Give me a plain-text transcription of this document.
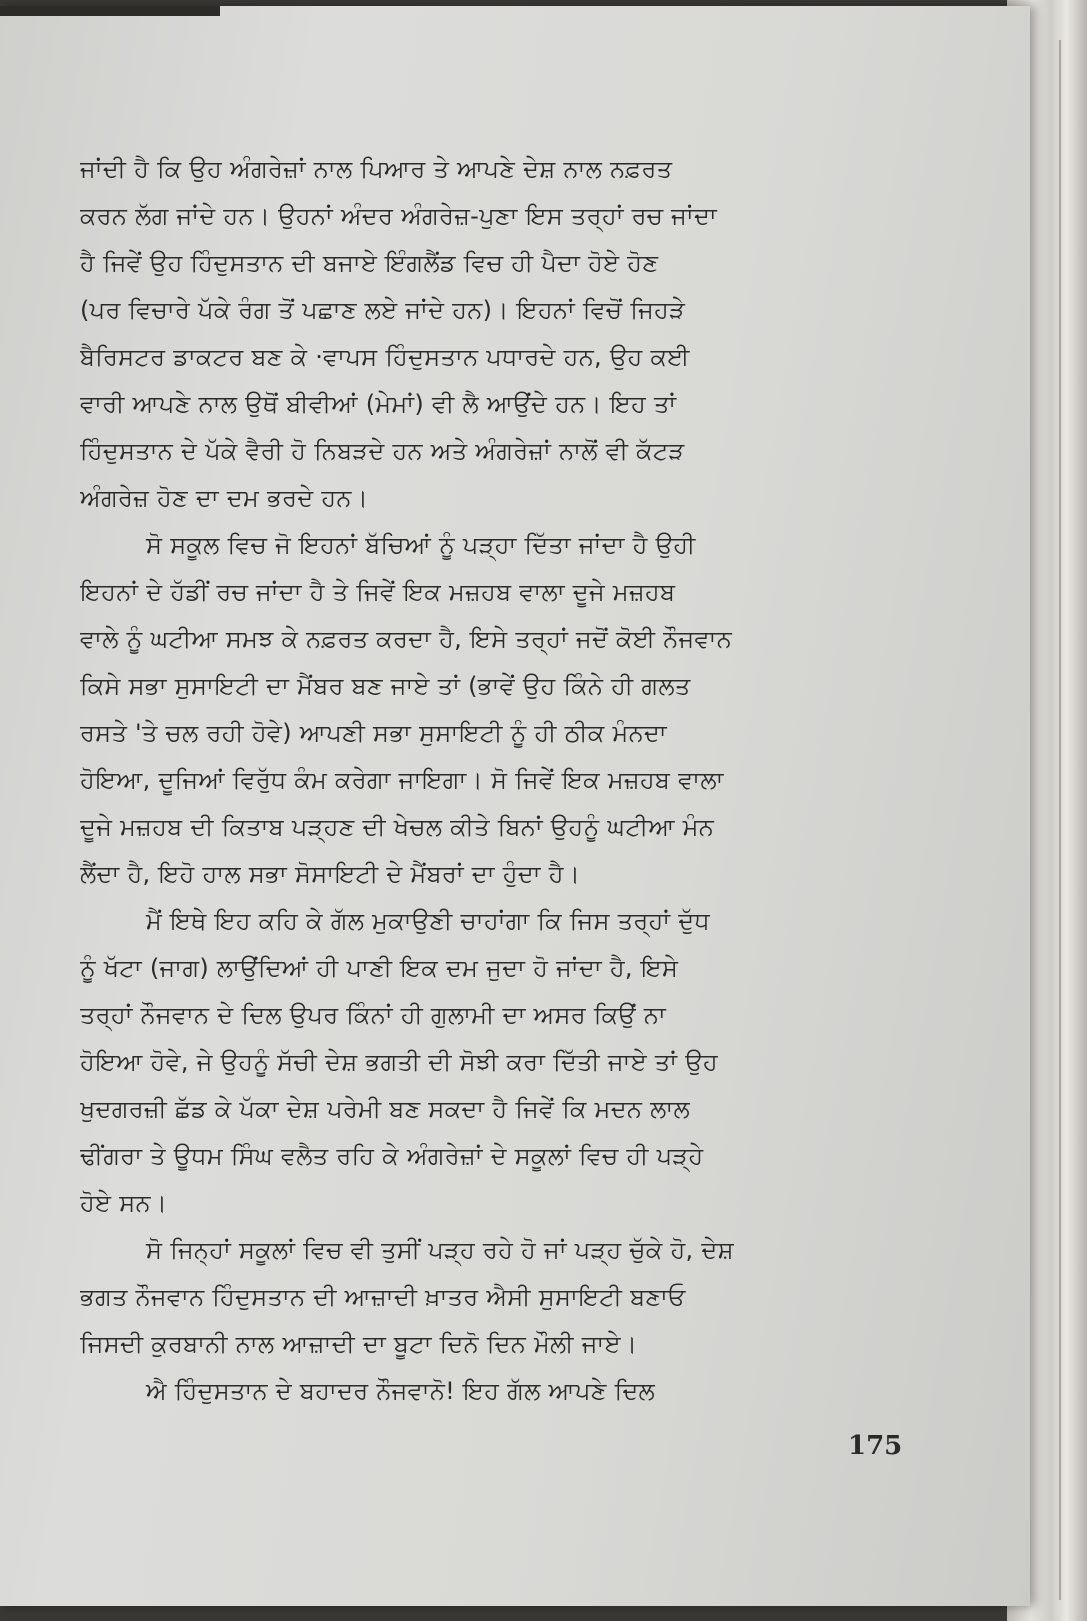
ਜਾਂਦੀ ਹੈ ਕਿ ਉਹ ਅੰਗਰੇਜ਼ਾਂ ਨਾਲ ਪਿਆਰ ਤੇ ਆਪਣੇ ਦੇਸ਼ ਨਾਲ ਨਫ਼ਰਤ
ਕਰਨ ਲੱਗ ਜਾਂਦੇ ਹਨ। ਉਹਨਾਂ ਅੰਦਰ ਅੰਗਰੇਜ਼-ਪੁਣਾ ਇਸ ਤਰ੍ਹਾਂ ਰਚ ਜਾਂਦਾ
ਹੈ ਜਿਵੇਂ ਉਹ ਹਿੰਦੁਸਤਾਨ ਦੀ ਬਜਾਏ ਇੰਗਲੈਂਡ ਵਿਚ ਹੀ ਪੈਦਾ ਹੋਏ ਹੋਣ
(ਪਰ ਵਿਚਾਰੇ ਪੱਕੇ ਰੰਗ ਤੋਂ ਪਛਾਣ ਲਏ ਜਾਂਦੇ ਹਨ)। ਇਹਨਾਂ ਵਿਚੋਂ ਜਿਹੜੇ
ਬੈਰਿਸਟਰ ਡਾਕਟਰ ਬਣ ਕੇ ·ਵਾਪਸ ਹਿੰਦੁਸਤਾਨ ਪਧਾਰਦੇ ਹਨ, ਉਹ ਕਈ
ਵਾਰੀ ਆਪਣੇ ਨਾਲ ਉਥੋਂ ਬੀਵੀਆਂ (ਮੇਮਾਂ) ਵੀ ਲੈ ਆਉਂਦੇ ਹਨ। ਇਹ ਤਾਂ
ਹਿੰਦੁਸਤਾਨ ਦੇ ਪੱਕੇ ਵੈਰੀ ਹੋ ਨਿਬੜਦੇ ਹਨ ਅਤੇ ਅੰਗਰੇਜ਼ਾਂ ਨਾਲੋਂ ਵੀ ਕੱਟੜ
ਅੰਗਰੇਜ਼ ਹੋਣ ਦਾ ਦਮ ਭਰਦੇ ਹਨ।
ਸੋ ਸਕੂਲ ਵਿਚ ਜੋ ਇਹਨਾਂ ਬੱਚਿਆਂ ਨੂੰ ਪੜ੍ਹਾ ਦਿੱਤਾ ਜਾਂਦਾ ਹੈ ਉਹੀ
ਇਹਨਾਂ ਦੇ ਹੱਡੀਂ ਰਚ ਜਾਂਦਾ ਹੈ ਤੇ ਜਿਵੇਂ ਇਕ ਮਜ਼ਹਬ ਵਾਲਾ ਦੂਜੇ ਮਜ਼ਹਬ
ਵਾਲੇ ਨੂੰ ਘਟੀਆ ਸਮਝ ਕੇ ਨਫ਼ਰਤ ਕਰਦਾ ਹੈ, ਇਸੇ ਤਰ੍ਹਾਂ ਜਦੋਂ ਕੋਈ ਨੌਜਵਾਨ
ਕਿਸੇ ਸਭਾ ਸੁਸਾਇਟੀ ਦਾ ਮੈਂਬਰ ਬਣ ਜਾਏ ਤਾਂ (ਭਾਵੇਂ ਉਹ ਕਿੰਨੇ ਹੀ ਗਲਤ
ਰਸਤੇ 'ਤੇ ਚਲ ਰਹੀ ਹੋਵੇ) ਆਪਣੀ ਸਭਾ ਸੁਸਾਇਟੀ ਨੂੰ ਹੀ ਠੀਕ ਮੰਨਦਾ
ਹੋਇਆ, ਦੂਜਿਆਂ ਵਿਰੁੱਧ ਕੰਮ ਕਰੇਗਾ ਜਾਇਗਾ। ਸੋ ਜਿਵੇਂ ਇਕ ਮਜ਼ਹਬ ਵਾਲਾ
ਦੂਜੇ ਮਜ਼ਹਬ ਦੀ ਕਿਤਾਬ ਪੜ੍ਹਣ ਦੀ ਖੇਚਲ ਕੀਤੇ ਬਿਨਾਂ ਉਹਨੂੰ ਘਟੀਆ ਮੰਨ
ਲੈਂਦਾ ਹੈ, ਇਹੋ ਹਾਲ ਸਭਾ ਸੋਸਾਇਟੀ ਦੇ ਮੈਂਬਰਾਂ ਦਾ ਹੁੰਦਾ ਹੈ।
ਮੈਂ ਇਥੇ ਇਹ ਕਹਿ ਕੇ ਗੱਲ ਮੁਕਾਉਣੀ ਚਾਹਾਂਗਾ ਕਿ ਜਿਸ ਤਰ੍ਹਾਂ ਦੁੱਧ
ਨੂੰ ਖੱਟਾ (ਜਾਗ) ਲਾਉਂਦਿਆਂ ਹੀ ਪਾਣੀ ਇਕ ਦਮ ਜੁਦਾ ਹੋ ਜਾਂਦਾ ਹੈ, ਇਸੇ
ਤਰ੍ਹਾਂ ਨੌਜਵਾਨ ਦੇ ਦਿਲ ਉਪਰ ਕਿੰਨਾਂ ਹੀ ਗੁਲਾਮੀ ਦਾ ਅਸਰ ਕਿਉਂ ਨਾ
ਹੋਇਆ ਹੋਵੇ, ਜੇ ਉਹਨੂੰ ਸੱਚੀ ਦੇਸ਼ ਭਗਤੀ ਦੀ ਸੋਝੀ ਕਰਾ ਦਿੱਤੀ ਜਾਏ ਤਾਂ ਉਹ
ਖੁਦਗਰਜ਼ੀ ਛੱਡ ਕੇ ਪੱਕਾ ਦੇਸ਼ ਪਰੇਮੀ ਬਣ ਸਕਦਾ ਹੈ ਜਿਵੇਂ ਕਿ ਮਦਨ ਲਾਲ
ਢੀਂਗਰਾ ਤੇ ਊਧਮ ਸਿੰਘ ਵਲੈਤ ਰਹਿ ਕੇ ਅੰਗਰੇਜ਼ਾਂ ਦੇ ਸਕੂਲਾਂ ਵਿਚ ਹੀ ਪੜ੍ਹੇ
ਹੋਏ ਸਨ।
ਸੋ ਜਿਨ੍ਹਾਂ ਸਕੂਲਾਂ ਵਿਚ ਵੀ ਤੁਸੀਂ ਪੜ੍ਹ ਰਹੇ ਹੋ ਜਾਂ ਪੜ੍ਹ ਚੁੱਕੇ ਹੋ, ਦੇਸ਼
ਭਗਤ ਨੌਜਵਾਨ ਹਿੰਦੁਸਤਾਨ ਦੀ ਆਜ਼ਾਦੀ ਖ਼ਾਤਰ ਐਸੀ ਸੁਸਾਇਟੀ ਬਣਾਓ
ਜਿਸਦੀ ਕੁਰਬਾਨੀ ਨਾਲ ਆਜ਼ਾਦੀ ਦਾ ਬੂਟਾ ਦਿਨੋ ਦਿਨ ਮੌਲੀ ਜਾਏ।
ਐ ਹਿੰਦੁਸਤਾਨ ਦੇ ਬਹਾਦਰ ਨੌਜਵਾਨੋ! ਇਹ ਗੱਲ ਆਪਣੇ ਦਿਲ
175
